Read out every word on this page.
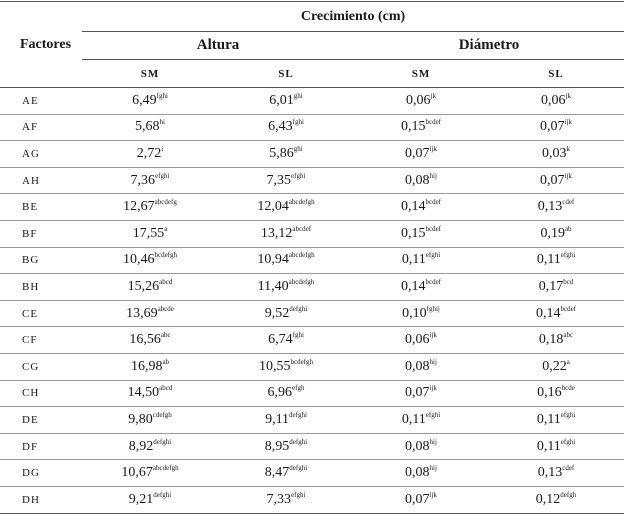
Factores	Crecimiento (cm)			
	Altura		Diámetro	
	SM	SL	SM	SL
AE	$6,49^{fghi}$	$6,01^{ghi}$	$0,06^{jk}$	$0,06^{jk}$
AF	$5,68^{hi}$	$6,43^{fghi}$	$0,15^{bcdef}$	$0,07^{ijk}$
AG	2,72$^i$	$5,86^{ghi}$	$0,07^{ijk}$	0,03$^k$
AH	$7,36^{efghi}$	$7,35^{efghi}$	$0,08^{hij}$	$0,07^{ijk}$
BE	$12,67^{abcdefg}$	$12,04^{abcdefgh}$	$0,14^{bcdef}$	$0,13^{cdef}$
BF	17,55$^a$	$13,12^{abcdef}$	$0,15^{bcdef}$	0,19$^{ab}$
BG	$10,46^{bcdefgh}$	$10,94^{abcdefgh}$	$0,11^{efghi}$	$0,11^{efghi}$
BH	$15,26^{abcd}$	$11,40^{abcdefgh}$	$0,14^{bcdef}$	0,17$^{bcd}$
CE	$13,69^{abcde}$	$9,52^{defghi}$	$0,10^{fghij}$	$0,14^{bcdef}$
CF	16,56$^{abc}$	$6,74^{fghi}$	$0,06^{ijk}$	0,18$^{abc}$
CG	16,98$^{ab}$	$10,55^{bcdefgh}$	$0,08^{hij}$	0,22$^a$
CH	$14,50^{abcd}$	$6,96^{efgh}$	$0,07^{ijk}$	$0,16^{bcde}$
DE	$9,80^{cdefgh}$	$9,11^{defghi}$	$0,11^{efghi}$	$0,11^{efghi}$
DF	$8,92^{defghi}$	$8,95^{defghi}$	$0,08^{hij}$	$0,11^{efghi}$
DG	$10,67^{abcdefgh}$	$8,47^{defghi}$	$0,08^{hij}$	$0,13^{cdef}$
DH	$9,21^{defghi}$	$7,33^{efghi}$	$0,07^{ijk}$	$0,12^{defgh}$
